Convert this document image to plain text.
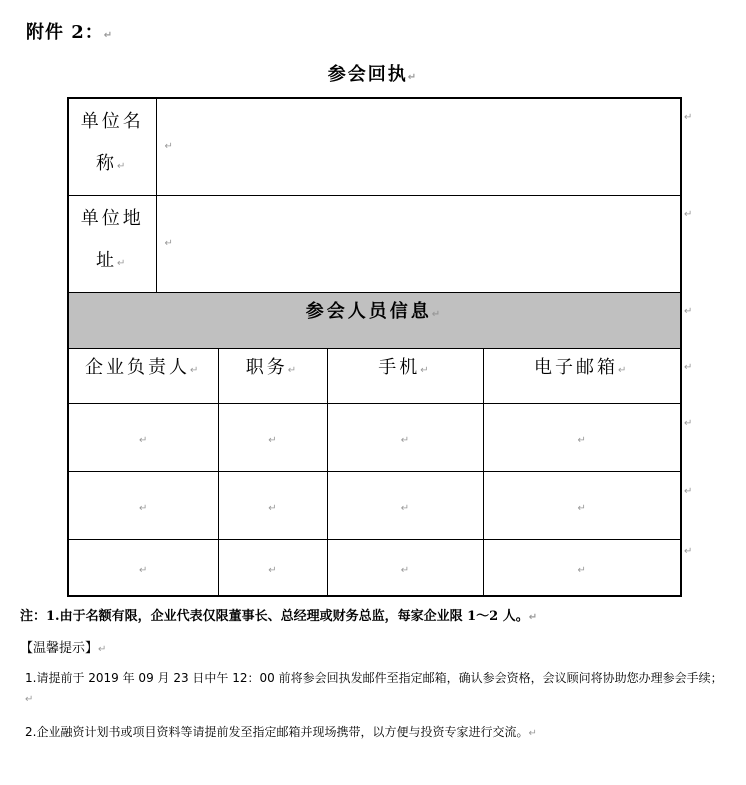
附件 2：↵
参会回执↵
单位名
称↵	↵			

单位地
址↵	↵			

参会人员信息↵				
企业负责人↵		职务↵	手机↵	电子邮箱↵
↵		↵	↵	↵
↵		↵	↵	↵
↵		↵	↵	↵
↵
↵
↵
↵
↵
↵
↵
注：1.由于名额有限，企业代表仅限董事长、总经理或财务总监，每家企业限 1～2 人。↵
【温馨提示】↵
1.请提前于 2019 年 09 月 23 日中午 12：00 前将参会回执发邮件至指定邮箱，确认参会资格，会议顾问将协助您办理参会手续；↵
2.企业融资计划书或项目资料等请提前发至指定邮箱并现场携带，以方便与投资专家进行交流。↵
